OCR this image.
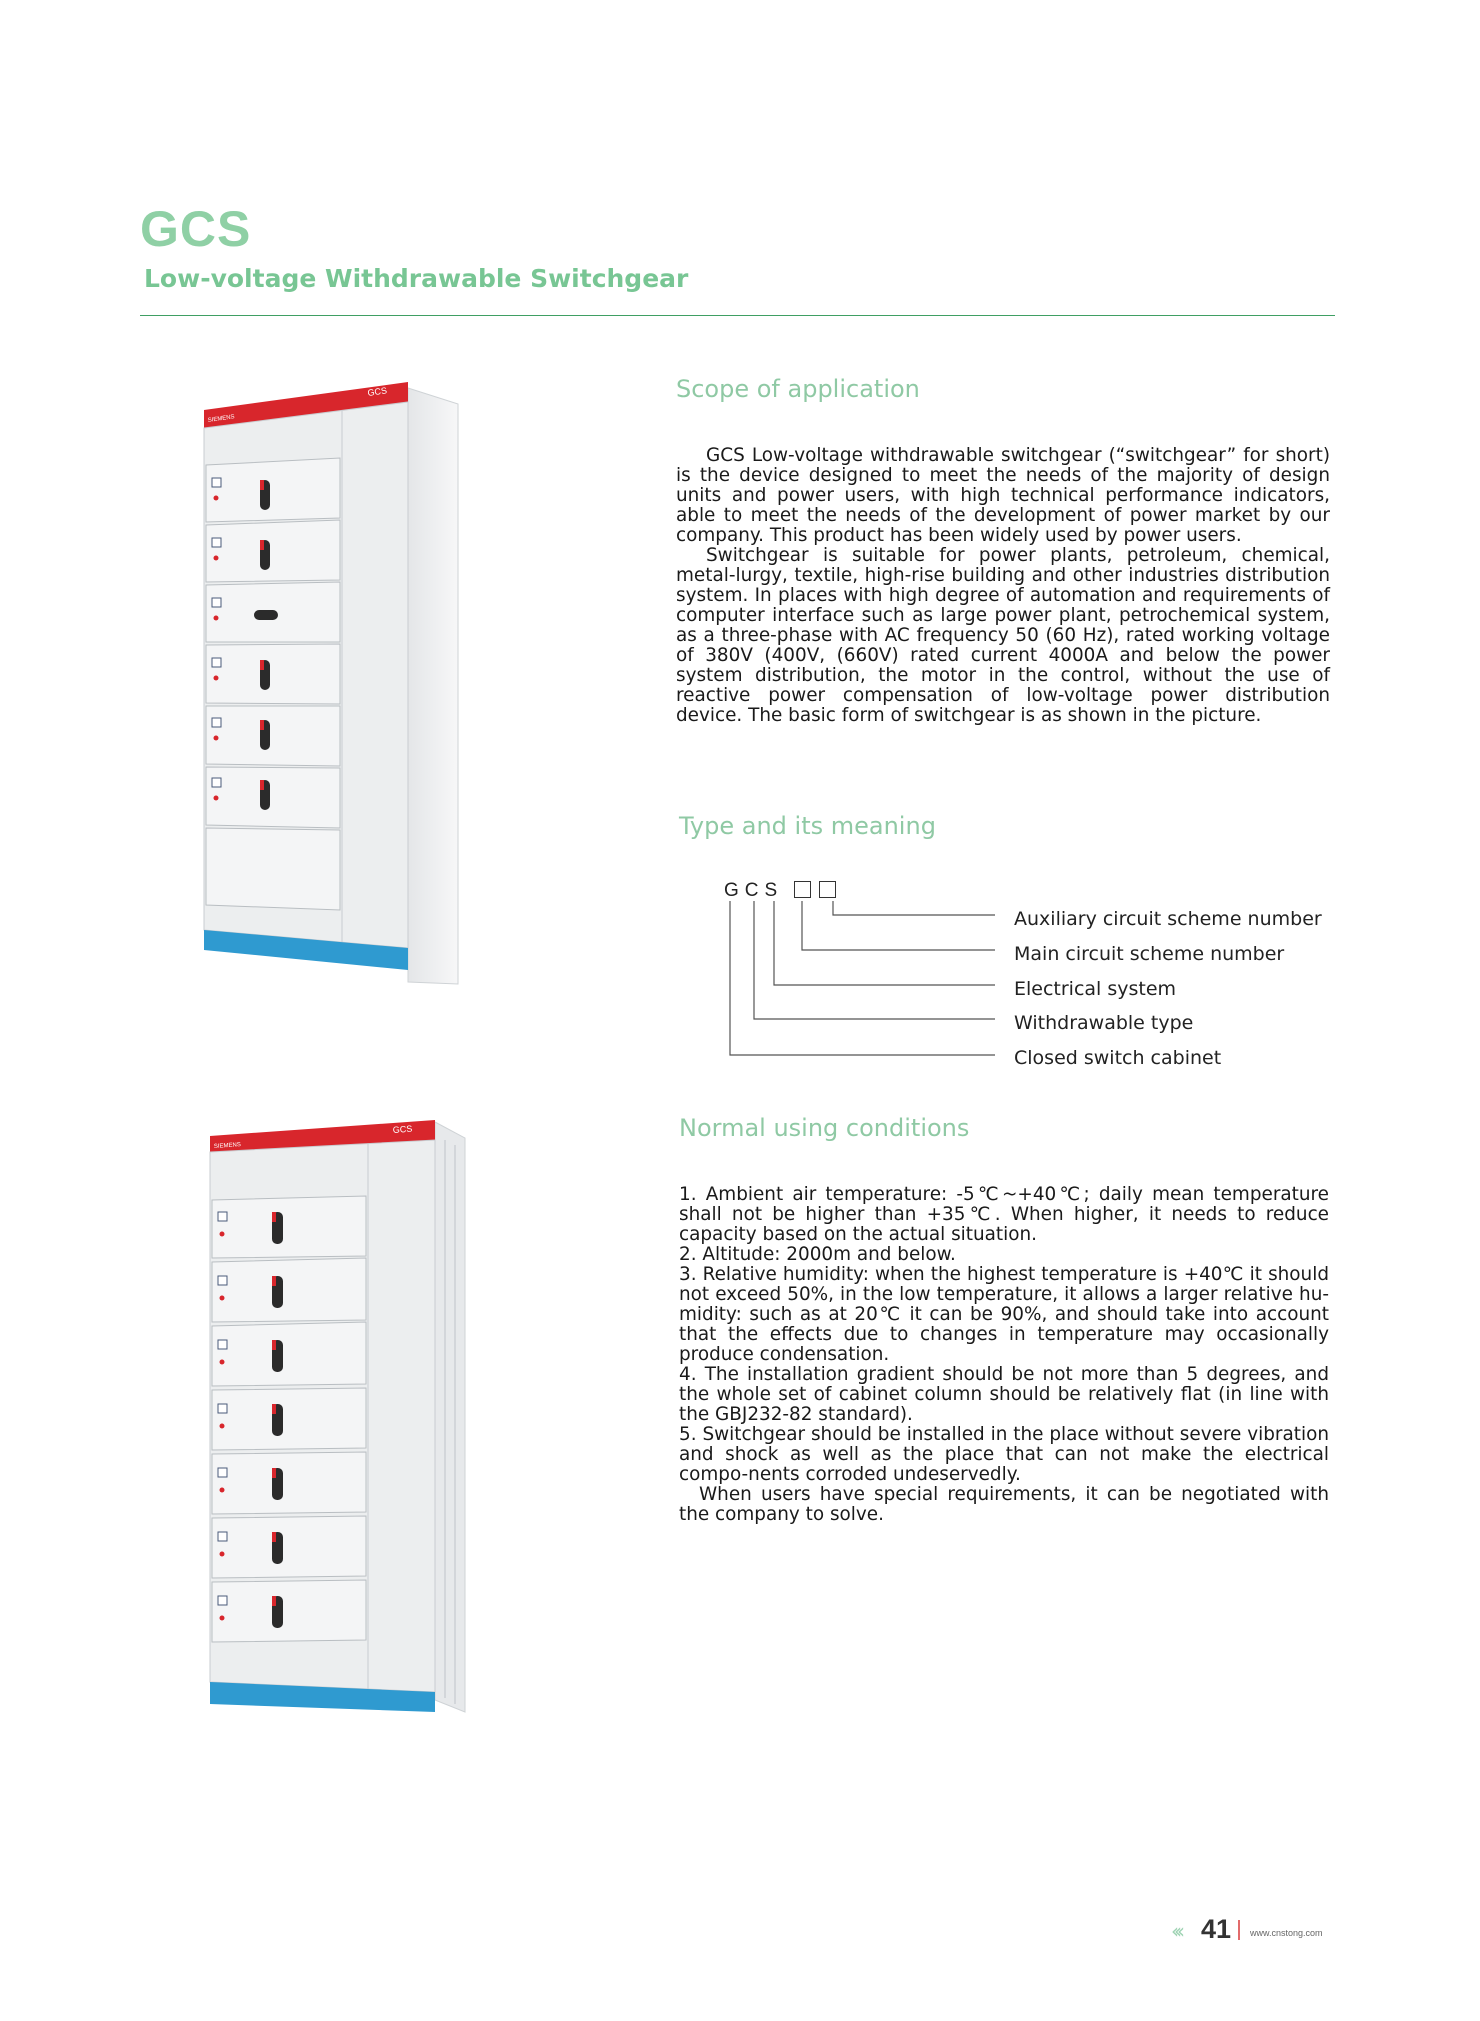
GCS
Low-voltage Withdrawable Switchgear
SIEMENS
GCS
SIEMENS
GCS
Scope of application

GCS Low-voltage withdrawable switchgear (“switchgear” for short) is the device designed to meet the needs of the majority of design units and power users, with high technical performance indicators, able to meet the needs of the development of power market by our company. This product has been widely used by power users.

Switchgear is suitable for power plants, petroleum, chemical, metal-lurgy, textile, high-rise building and other industries distribution system. In places with high degree of automation and requirements of computer interface such as large power plant, petrochemical system, as a three-phase with AC frequency 50 (60 Hz), rated working voltage of 380V (400V, (660V) rated current 4000A and below the power system distribution, the motor in the control, without the use of reactive power compensation of low-voltage power distribution device. The basic form of switchgear is as shown in the picture.

Type and its meaning
GCS

Auxiliary circuit scheme number

Main circuit scheme number

Electrical system

Withdrawable type

Closed switch cabinet

Normal using conditions
1. Ambient air temperature: -5℃~+40℃; daily mean temperature shall not be higher than +35℃. When higher, it needs to reduce capacity based on the actual situation.
2. Altitude: 2000m and below.
3. Relative humidity: when the highest temperature is +40℃ it should not exceed 50%, in the low temperature, it allows a larger relative hu-midity: such as at 20℃ it can be 90%, and should take into account that the effects due to changes in temperature may occasionally produce condensation.
4. The installation gradient should be not more than 5 degrees, and the whole set of cabinet column should be relatively flat (in line with the GBJ232-82 standard).
5. Switchgear should be installed in the place without severe vibration and shock as well as the place that can not make the electrical compo-nents corroded undeservedly.
When users have special requirements, it can be negotiated with the company to solve.
‹‹‹ 41 www.cnstong.com
